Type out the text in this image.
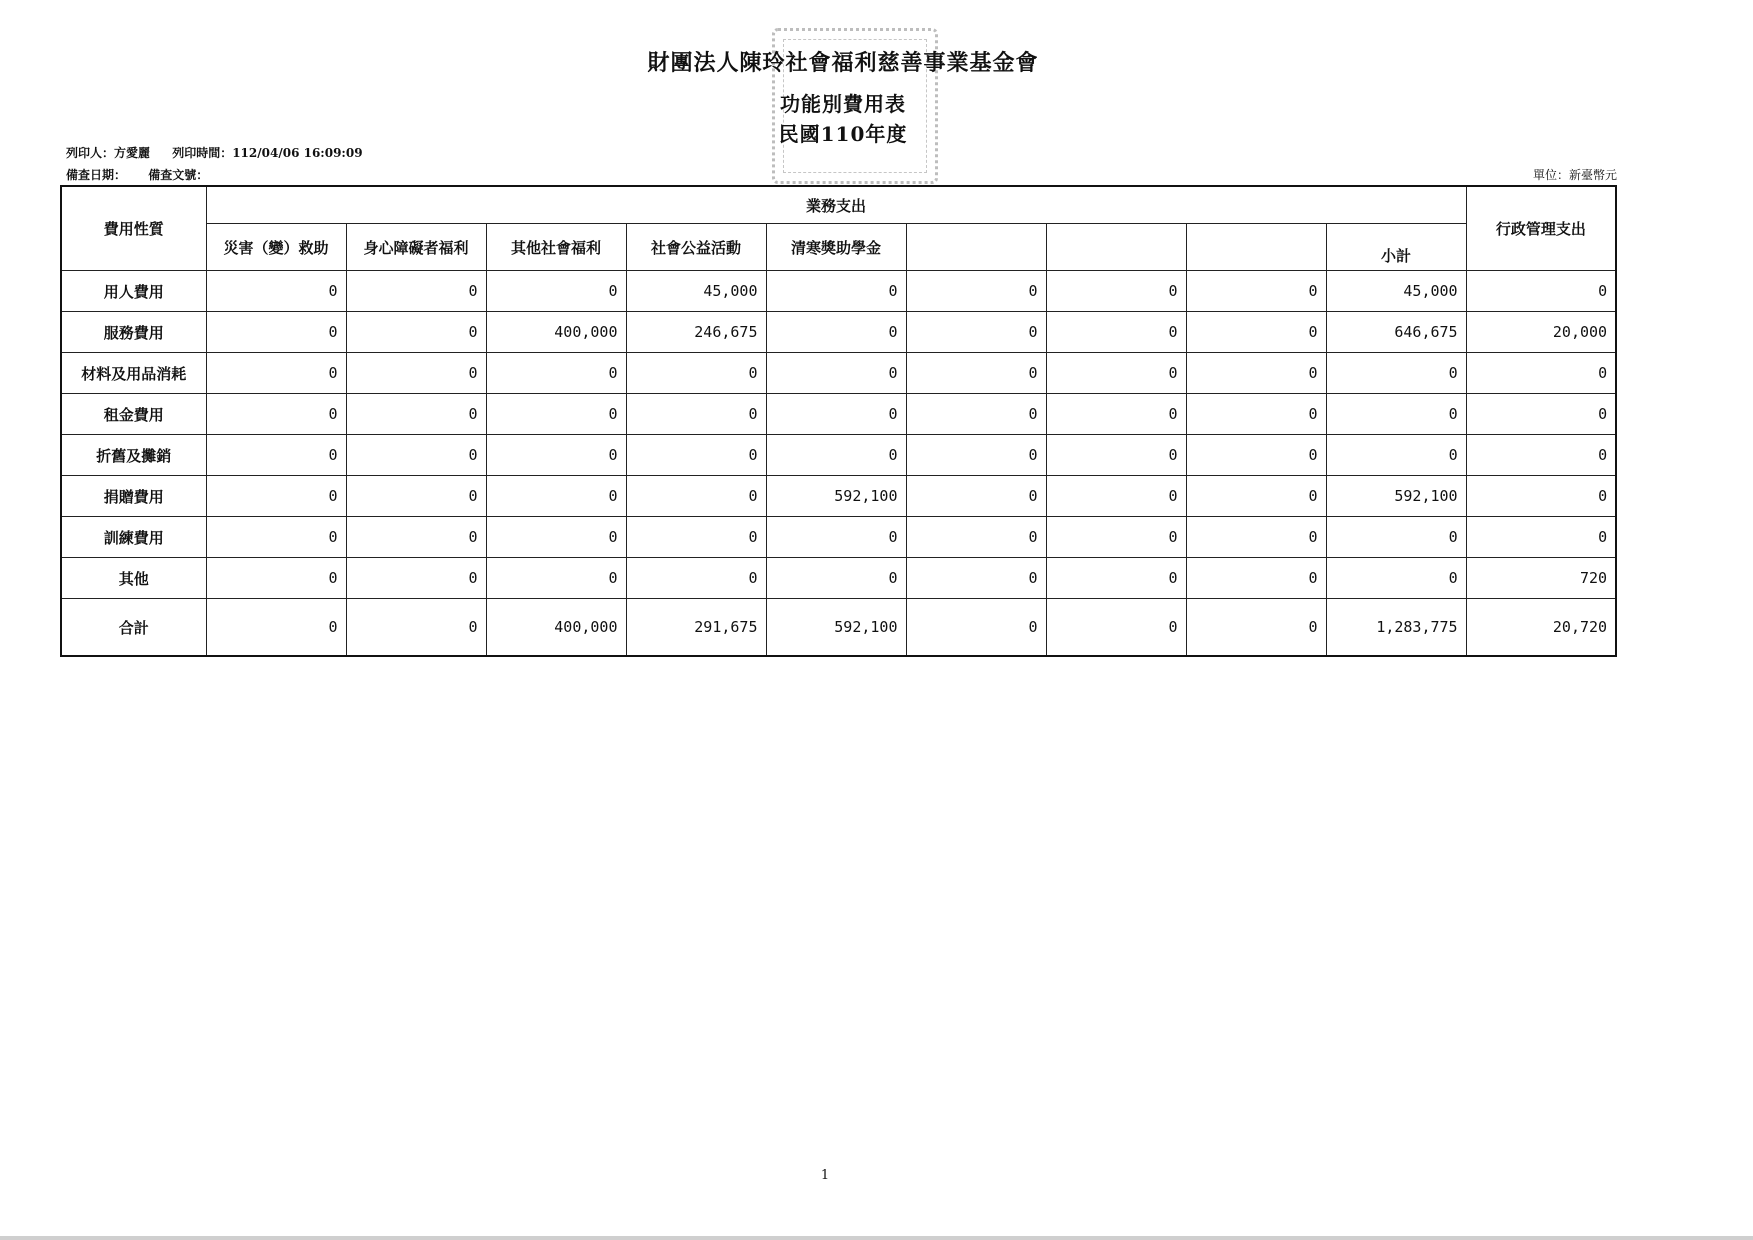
財團法人陳玲社會福利慈善事業基金會
功能別費用表
民國110年度
列印人：方愛麗 列印時間：112/04/06 16:09:09
備查日期： 備查文號：	單位：新臺幣元
費用性質	業務支出									行政管理支出
	災害（變）救助	身心障礙者福利	其他社會福利	社會公益活動	清寒獎助學金				小計	
用人費用	0	0	0	45,000	0	0	0	0	45,000	0
服務費用	0	0	400,000	246,675	0	0	0	0	646,675	20,000
材料及用品消耗	0	0	0	0	0	0	0	0	0	0
租金費用	0	0	0	0	0	0	0	0	0	0
折舊及攤銷	0	0	0	0	0	0	0	0	0	0
捐贈費用	0	0	0	0	592,100	0	0	0	592,100	0
訓練費用	0	0	0	0	0	0	0	0	0	0
其他	0	0	0	0	0	0	0	0	0	720
合計	0	0	400,000	291,675	592,100	0	0	0	1,283,775	20,720
1
